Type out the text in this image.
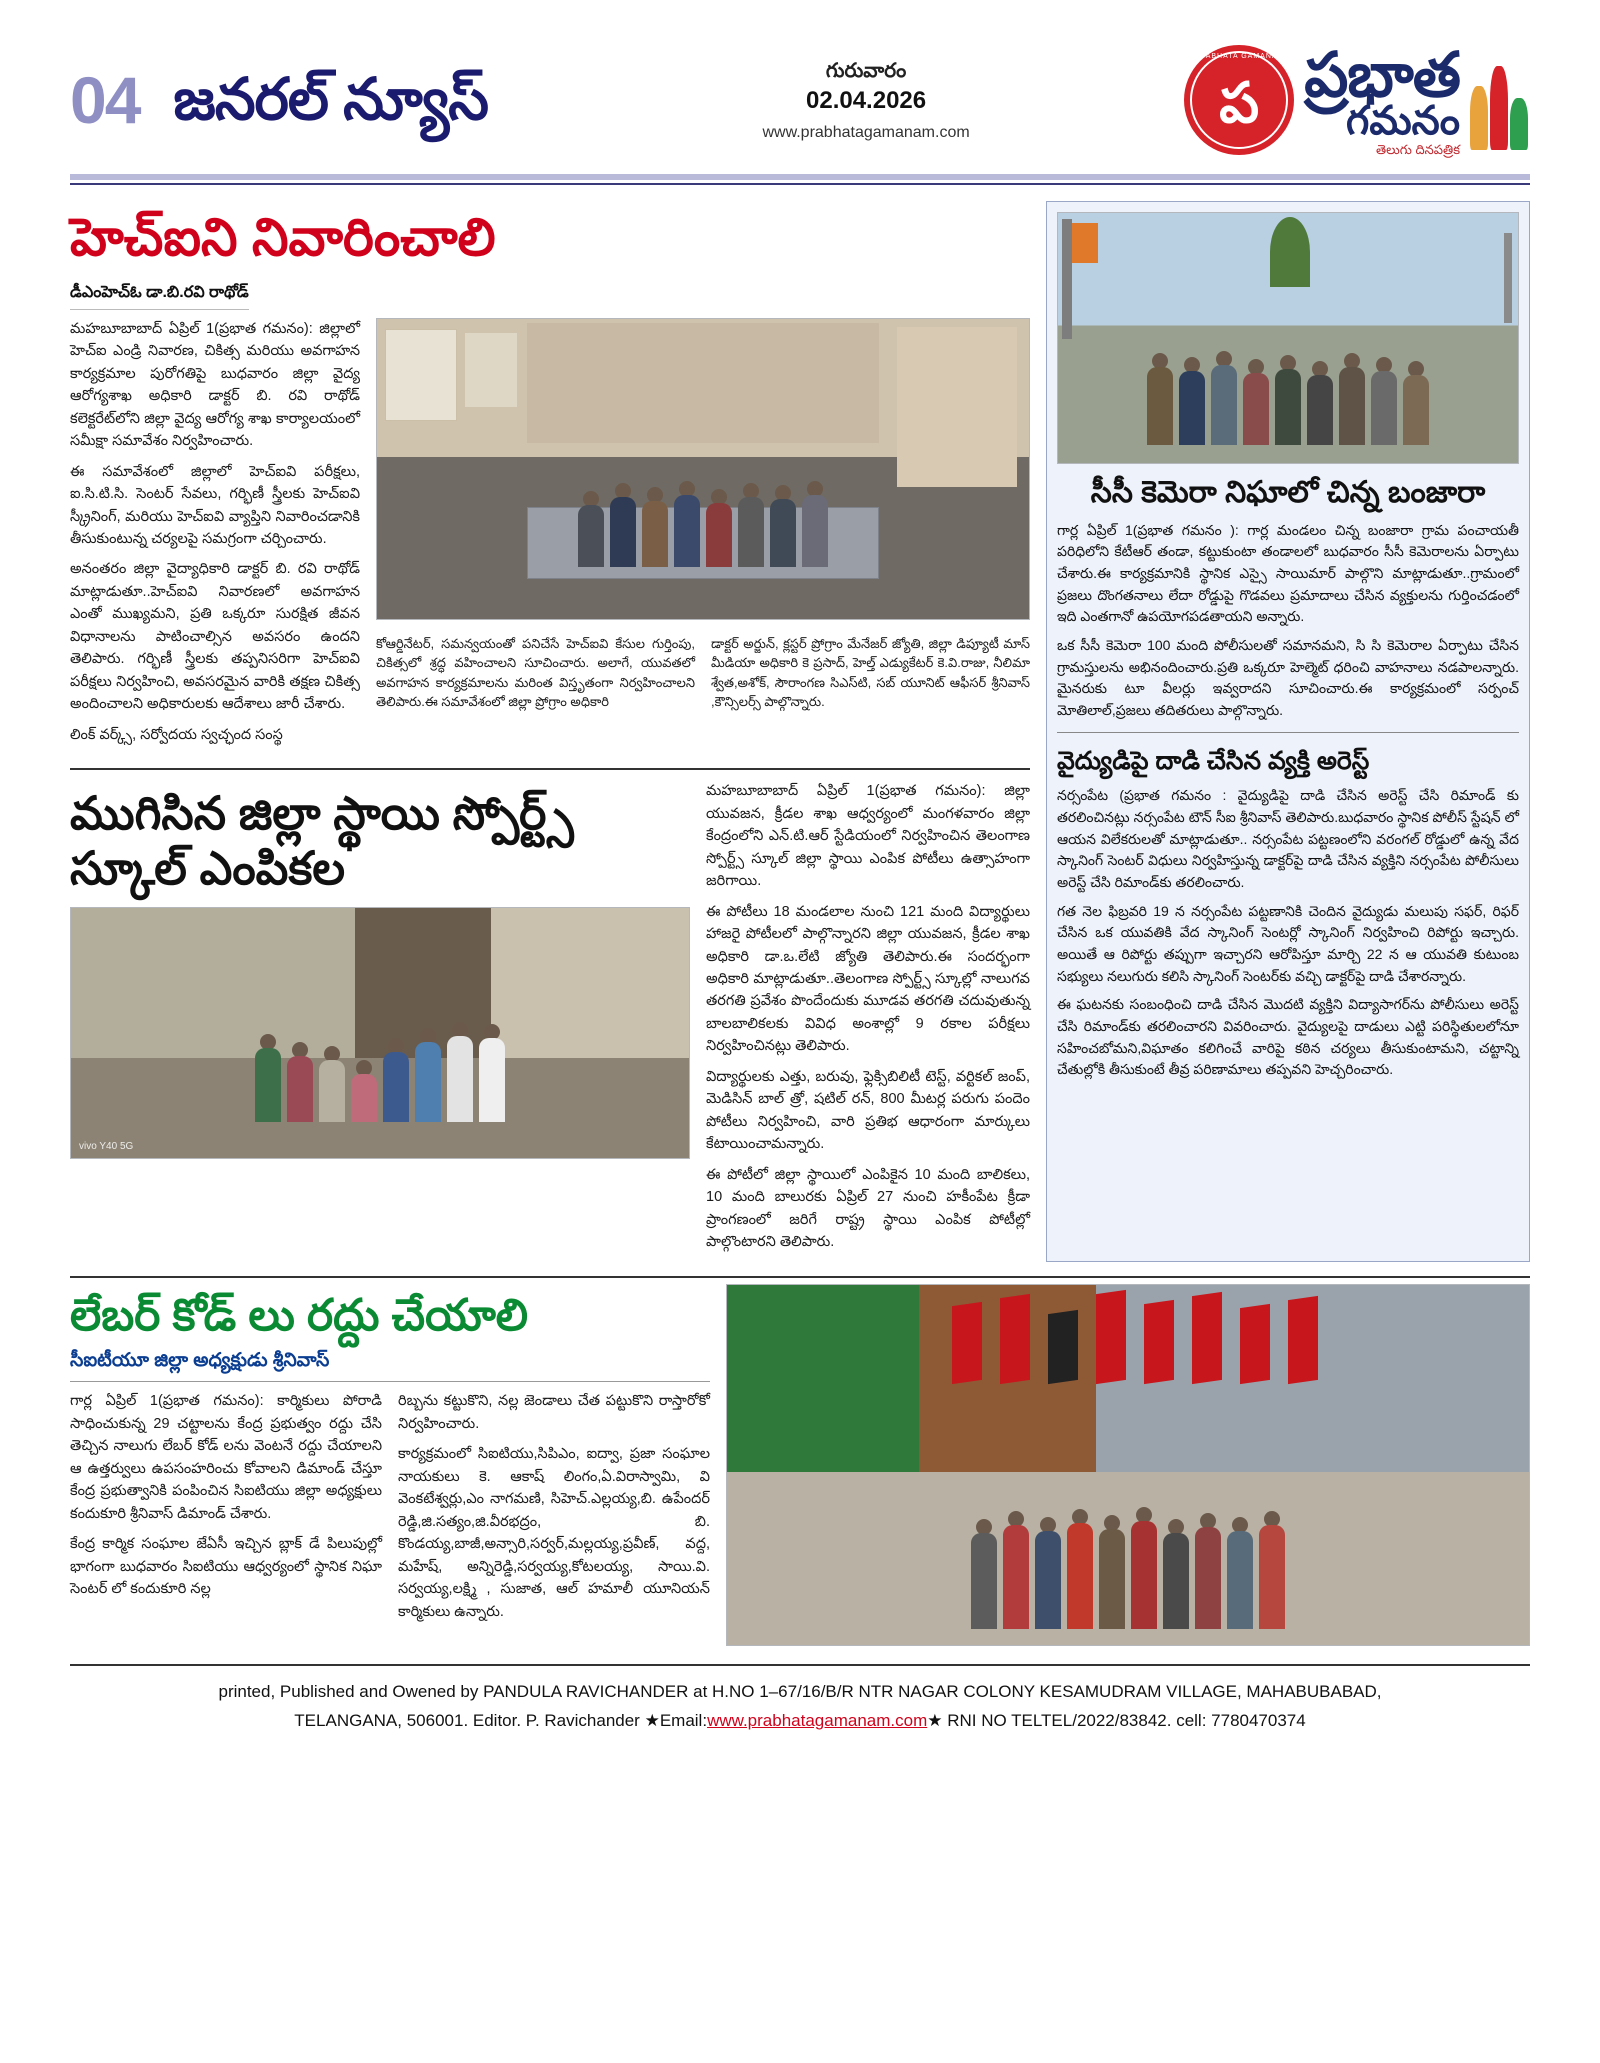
04 జనరల్ న్యూస్	గురువారం
02.04.2026
www.prabhatagamanam.com
PRABHATA GAMANAM
ప ప్రభాత
గమనం
తెలుగు దినపత్రిక
హెచ్‌ఐని నివారించాలి
డీఎంహెచ్‌ఓ డా.బి.రవి రాథోడ్

మహబూబాబాద్ ఏప్రిల్ 1(ప్రభాత గమనం): జిల్లాలో హెచ్‌ఐ ఎండ్రి నివారణ, చికిత్స మరియు అవగాహన కార్యక్రమాల పురోగతిపై బుధవారం జిల్లా వైద్య ఆరోగ్యశాఖ అధికారి డాక్టర్ బి. రవి రాథోడ్ కలెక్టరేట్‌లోని జిల్లా వైద్య ఆరోగ్య శాఖ కార్యాలయంలో సమీక్షా సమావేశం నిర్వహించారు.

ఈ సమావేశంలో జిల్లాలో హెచ్‌ఐవి పరీక్షలు, ఐ.సి.టి.సి. సెంటర్ సేవలు, గర్భిణీ స్త్రీలకు హెచ్‌ఐవి స్క్రీనింగ్, మరియు హెచ్‌ఐవి వ్యాప్తిని నివారించడానికి తీసుకుంటున్న చర్యలపై సమగ్రంగా చర్చించారు.

అనంతరం జిల్లా వైద్యాధికారి డాక్టర్ బి. రవి రాథోడ్ మాట్లాడుతూ..హెచ్‌ఐవి నివారణలో అవగాహన ఎంతో ముఖ్యమని, ప్రతి ఒక్కరూ సురక్షిత జీవన విధానాలను పాటించాల్సిన అవసరం ఉందని తెలిపారు. గర్భిణీ స్త్రీలకు తప్పనిసరిగా హెచ్‌ఐవి పరీక్షలు నిర్వహించి, అవసరమైన వారికి తక్షణ చికిత్స అందించాలని అధికారులకు ఆదేశాలు జారీ చేశారు.

లింక్ వర్క్స్, సర్వోదయ స్వచ్ఛంద సంస్థ

కోఆర్డినేటర్, సమన్వయంతో పనిచేసే హెచ్‌ఐవి కేసుల గుర్తింపు, చికిత్సలో శ్రద్ధ వహించాలని సూచించారు. అలాగే, యువతలో అవగాహన కార్యక్రమాలను మరింత విస్తృతంగా నిర్వహించాలని తెలిపారు.ఈ సమావేశంలో జిల్లా ప్రోగ్రాం అధికారి
డాక్టర్ అర్జున్, క్లస్టర్ ప్రోగ్రాం మేనేజర్ జ్యోతి, జిల్లా డిప్యూటీ మాస్ మీడియా అధికారి కె ప్రసాద్, హెల్త్ ఎడ్యుకేటర్ కె.వి.రాజు, నీలిమా శ్వేత,అశోక్, సౌరాంగణ సిఎస్‌టి, సబ్ యూనిట్ ఆఫీసర్ శ్రీనివాస్ ,కౌన్సిలర్స్ పాల్గొన్నారు.
ముగిసిన జిల్లా స్థాయి స్పోర్ట్స్ స్కూల్ ఎంపికల
vivo Y40 5G

మహబూబాబాద్ ఏప్రిల్ 1(ప్రభాత గమనం): జిల్లా యువజన, క్రీడల శాఖ ఆధ్వర్యంలో మంగళవారం జిల్లా కేంద్రంలోని ఎన్.టి.ఆర్ స్టేడియంలో నిర్వహించిన తెలంగాణ స్పోర్ట్స్ స్కూల్ జిల్లా స్థాయి ఎంపిక పోటీలు ఉత్సాహంగా జరిగాయి.

ఈ పోటీలు 18 మండలాల నుంచి 121 మంది విద్యార్థులు హాజరై పోటీలలో పాల్గొన్నారని జిల్లా యువజన, క్రీడల శాఖ అధికారి డా.ఒ.లేటి జ్యోతి తెలిపారు.ఈ సందర్భంగా అధికారి మాట్లాడుతూ..తెలంగాణ స్పోర్ట్స్ స్కూల్లో నాలుగవ తరగతి ప్రవేశం పొందేందుకు మూడవ తరగతి చదువుతున్న బాలబాలికలకు వివిధ అంశాల్లో 9 రకాల పరీక్షలు నిర్వహించినట్లు తెలిపారు.

విద్యార్థులకు ఎత్తు, బరువు, ఫ్లెక్సిబిలిటీ టెస్ట్, వర్టికల్ జంప్, మెడిసిన్ బాల్ త్రో, షటిల్ రన్, 800 మీటర్ల పరుగు పందెం పోటీలు నిర్వహించి, వారి ప్రతిభ ఆధారంగా మార్కులు కేటాయించామన్నారు.

ఈ పోటీలో జిల్లా స్థాయిలో ఎంపికైన 10 మంది బాలికలు, 10 మంది బాలురకు ఏప్రిల్ 27 నుంచి హకీంపేట క్రీడా ప్రాంగణంలో జరిగే రాష్ట్ర స్థాయి ఎంపిక పోటీల్లో పాల్గొంటారని తెలిపారు.

సీసీ కెమెరా నిఘాలో చిన్న బంజారా

గార్ల ఏప్రిల్ 1(ప్రభాత గమనం ): గార్ల మండలం చిన్న బంజారా గ్రామ పంచాయతీ పరిధిలోని కేటీఆర్ తండా, కట్టుకుంటా తండాలలో బుధవారం సీసీ కెమెరాలను ఏర్పాటు చేశారు.ఈ కార్యక్రమానికి స్థానిక ఎస్సై సాయిమార్ పాల్గొని మాట్లాడుతూ..గ్రామంలో ప్రజలు దొంగతనాలు లేదా రోడ్డుపై గొడవలు ప్రమాదాలు చేసిన వ్యక్తులను గుర్తించడంలో ఇది ఎంతగానో ఉపయోగపడతాయని అన్నారు.

ఒక సీసీ కెమెరా 100 మంది పోలీసులతో సమానమని, సి సి కెమెరాల ఏర్పాటు చేసిన గ్రామస్తులను అభినందించారు.ప్రతి ఒక్కరూ హెల్మెట్ ధరించి వాహనాలు నడపాలన్నారు. మైనరుకు టూ వీలర్లు ఇవ్వరాదని సూచించారు.ఈ కార్యక్రమంలో సర్పంచ్ మోతిలాల్,ప్రజలు తదితరులు పాల్గొన్నారు.

వైద్యుడిపై దాడి చేసిన వ్యక్తి అరెస్ట్

నర్సంపేట (ప్రభాత గమనం : వైద్యుడిపై దాడి చేసిన అరెస్ట్ చేసి రిమాండ్ కు తరలించినట్లు నర్సంపేట టౌన్ సీఐ శ్రీనివాస్ తెలిపారు.బుధవారం స్థానిక పోలీస్ స్టేషన్ లో ఆయన విలేకరులతో మాట్లాడుతూ.. నర్సంపేట పట్టణంలోని వరంగల్ రోడ్డులో ఉన్న వేద స్కానింగ్ సెంటర్ విధులు నిర్వహిస్తున్న డాక్టర్‌పై దాడి చేసిన వ్యక్తిని నర్సంపేట పోలీసులు అరెస్ట్ చేసి రిమాండ్‌కు తరలించారు.

గత నెల ఫిబ్రవరి 19 న నర్సంపేట పట్టణానికి చెందిన వైద్యుడు మలుపు సఫర్, రిఫర్ చేసిన ఒక యువతికి వేద స్కానింగ్ సెంటర్లో స్కానింగ్ నిర్వహించి రిపోర్టు ఇచ్చారు. అయితే ఆ రిపోర్టు తప్పుగా ఇచ్చారని ఆరోపిస్తూ మార్చి 22 న ఆ యువతి కుటుంబ సభ్యులు నలుగురు కలిసి స్కానింగ్ సెంటర్‌కు వచ్చి డాక్టర్‌పై దాడి చేశారన్నారు.

ఈ ఘటనకు సంబంధించి దాడి చేసిన మొదటి వ్యక్తిని విద్యాసాగర్‌ను పోలీసులు అరెస్ట్ చేసి రిమాండ్‌కు తరలించారని వివరించారు. వైద్యులపై దాడులు ఎట్టి పరిస్థితులలోనూ సహించబోమని,విఘాతం కలిగించే వారిపై కఠిన చర్యలు తీసుకుంటామని, చట్టాన్ని చేతుల్లోకి తీసుకుంటే తీవ్ర పరిణామాలు తప్పవని హెచ్చరించారు.

లేబర్ కోడ్ లు రద్దు చేయాలి
సీఐటీయూ జిల్లా అధ్యక్షుడు శ్రీనివాస్

గార్ల ఏప్రిల్ 1(ప్రభాత గమనం): కార్మికులు పోరాడి సాధించుకున్న 29 చట్టాలను కేంద్ర ప్రభుత్వం రద్దు చేసి తెచ్చిన నాలుగు లేబర్ కోడ్ లను వెంటనే రద్దు చేయాలని ఆ ఉత్తర్వులు ఉపసంహరించు కోవాలని డిమాండ్ చేస్తూ కేంద్ర ప్రభుత్వానికి పంపించిన సిఐటియు జిల్లా అధ్యక్షులు కందుకూరి శ్రీనివాస్ డిమాండ్ చేశారు.

కేంద్ర కార్మిక సంఘాల జేఏసీ ఇచ్చిన బ్లాక్ డే పిలుపుల్లో భాగంగా బుధవారం సిఐటియు ఆధ్వర్యంలో స్థానిక నిఘా సెంటర్ లో కందుకూరి నల్ల

రిబ్బను కట్టుకొని, నల్ల జెండాలు చేత పట్టుకొని రాస్తారోకో నిర్వహించారు.

కార్యక్రమంలో సిఐటియు,సిపిఎం, ఐద్వా, ప్రజా సంఘాల నాయకులు కె. ఆకాష్ లింగం,ఏ.విరాస్వామి, వి వెంకటేశ్వర్లు,ఎం నాగమణి, సిహెచ్.ఎల్లయ్య,బి. ఉపేందర్ రెడ్డి,జి.సత్యం,జి.వీరభద్రం, బి. కొండయ్య,బాజీ,అన్సారి,సర్వర్,మల్లయ్య,ప్రవీణ్, వద్ద, మహేష్, అన్నిరెడ్డి,సర్వయ్య,కోటలయ్య, సాయి.వి. సర్వయ్య,లక్ష్మి , సుజాత, ఆల్ హమాలీ యూనియన్ కార్మికులు ఉన్నారు.

printed, Published and Owened by PANDULA RAVICHANDER at H.NO 1–67/16/B/R NTR NAGAR COLONY KESAMUDRAM VILLAGE, MAHABUBABAD,
TELANGANA, 506001. Editor. P. Ravichander ★Email:www.prabhatagamanam.com★ RNI NO TELTEL/2022/83842. cell: 7780470374
